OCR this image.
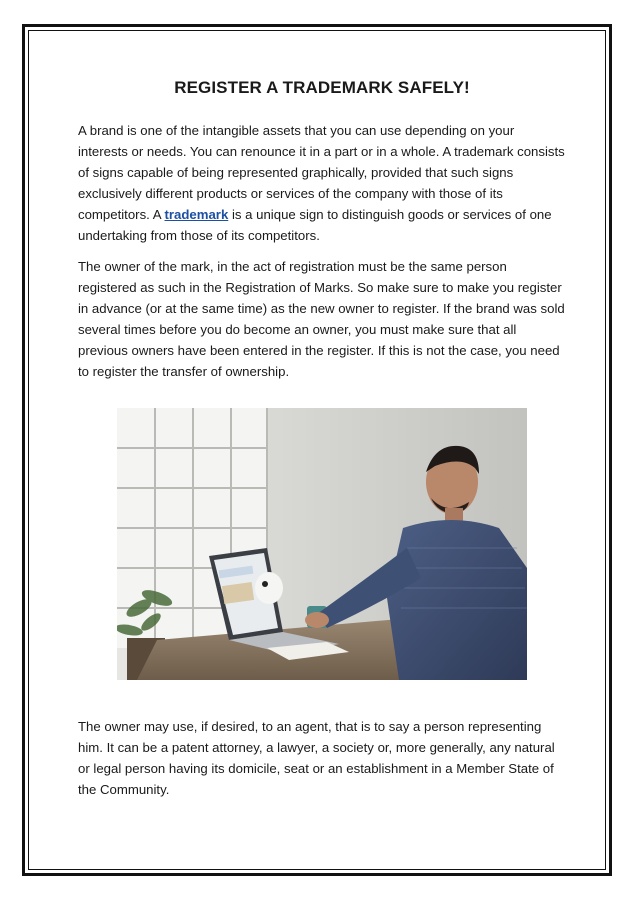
REGISTER A TRADEMARK SAFELY!

A brand is one of the intangible assets that you can use depending on your interests or needs. You can renounce it in a part or in a whole. A trademark consists of signs capable of being represented graphically, provided that such signs exclusively different products or services of the company with those of its competitors. A trademark is a unique sign to distinguish goods or services of one undertaking from those of its competitors.

The owner of the mark, in the act of registration must be the same person registered as such in the Registration of Marks. So make sure to make you register in advance (or at the same time) as the new owner to register. If the brand was sold several times before you do become an owner, you must make sure that all previous owners have been entered in the register. If this is not the case, you need to register the transfer of ownership.

The owner may use, if desired, to an agent, that is to say a person representing him. It can be a patent attorney, a lawyer, a society or, more generally, any natural or legal person having its domicile, seat or an establishment in a Member State of the Community.
